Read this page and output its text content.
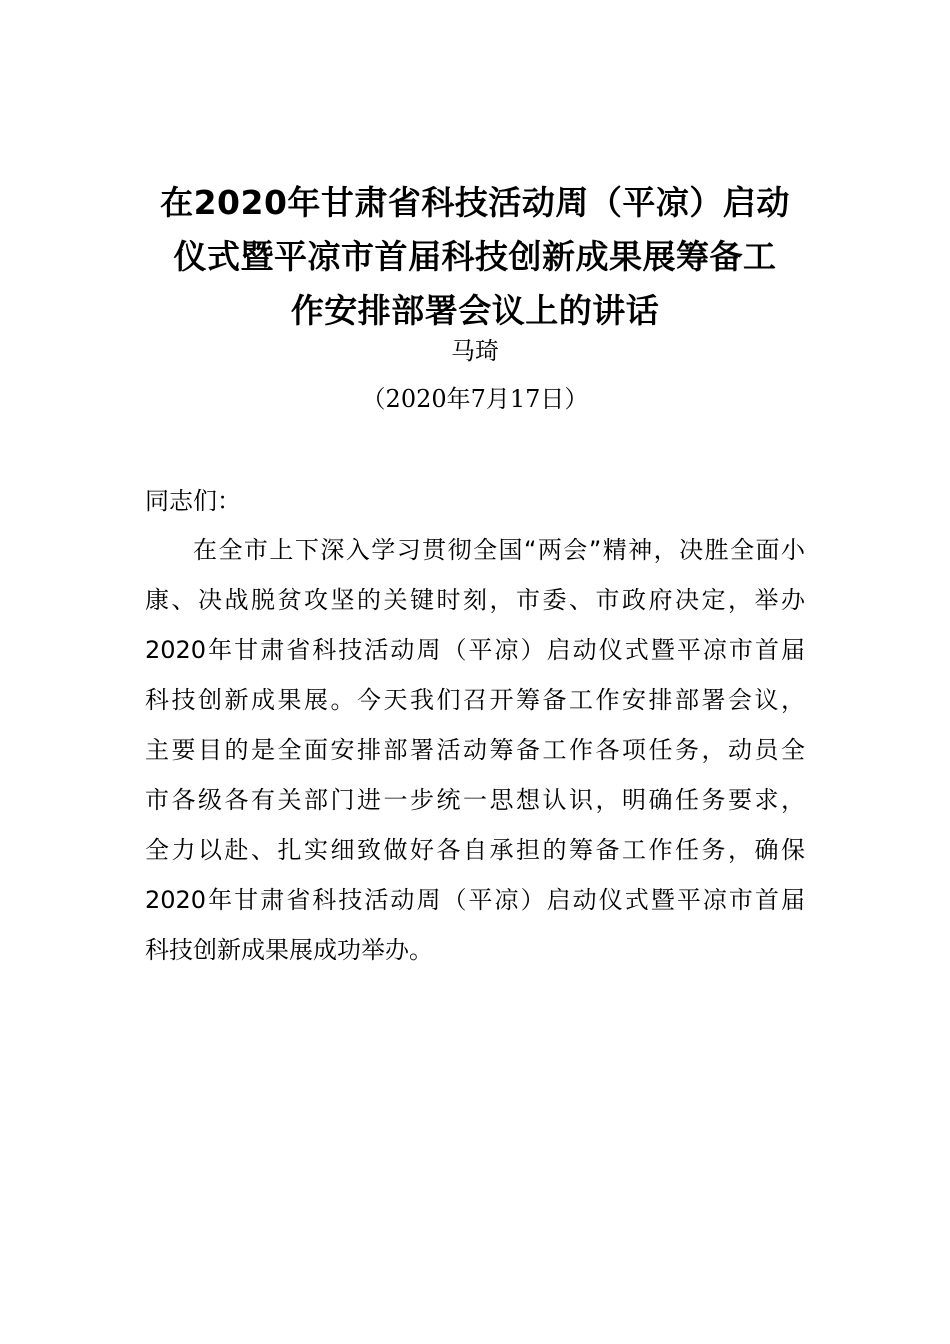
在2020年甘肃省科技活动周（平凉）启动
仪式暨平凉市首届科技创新成果展筹备工
作安排部署会议上的讲话
马琦
（2020年7月17日）
同志们：
在全市上下深入学习贯彻全国“两会”精神，决胜全面小
康、决战脱贫攻坚的关键时刻，市委、市政府决定，举办
2020年甘肃省科技活动周（平凉）启动仪式暨平凉市首届
科技创新成果展。今天我们召开筹备工作安排部署会议，
主要目的是全面安排部署活动筹备工作各项任务，动员全
市各级各有关部门进一步统一思想认识，明确任务要求，
全力以赴、扎实细致做好各自承担的筹备工作任务，确保
2020年甘肃省科技活动周（平凉）启动仪式暨平凉市首届
科技创新成果展成功举办。
